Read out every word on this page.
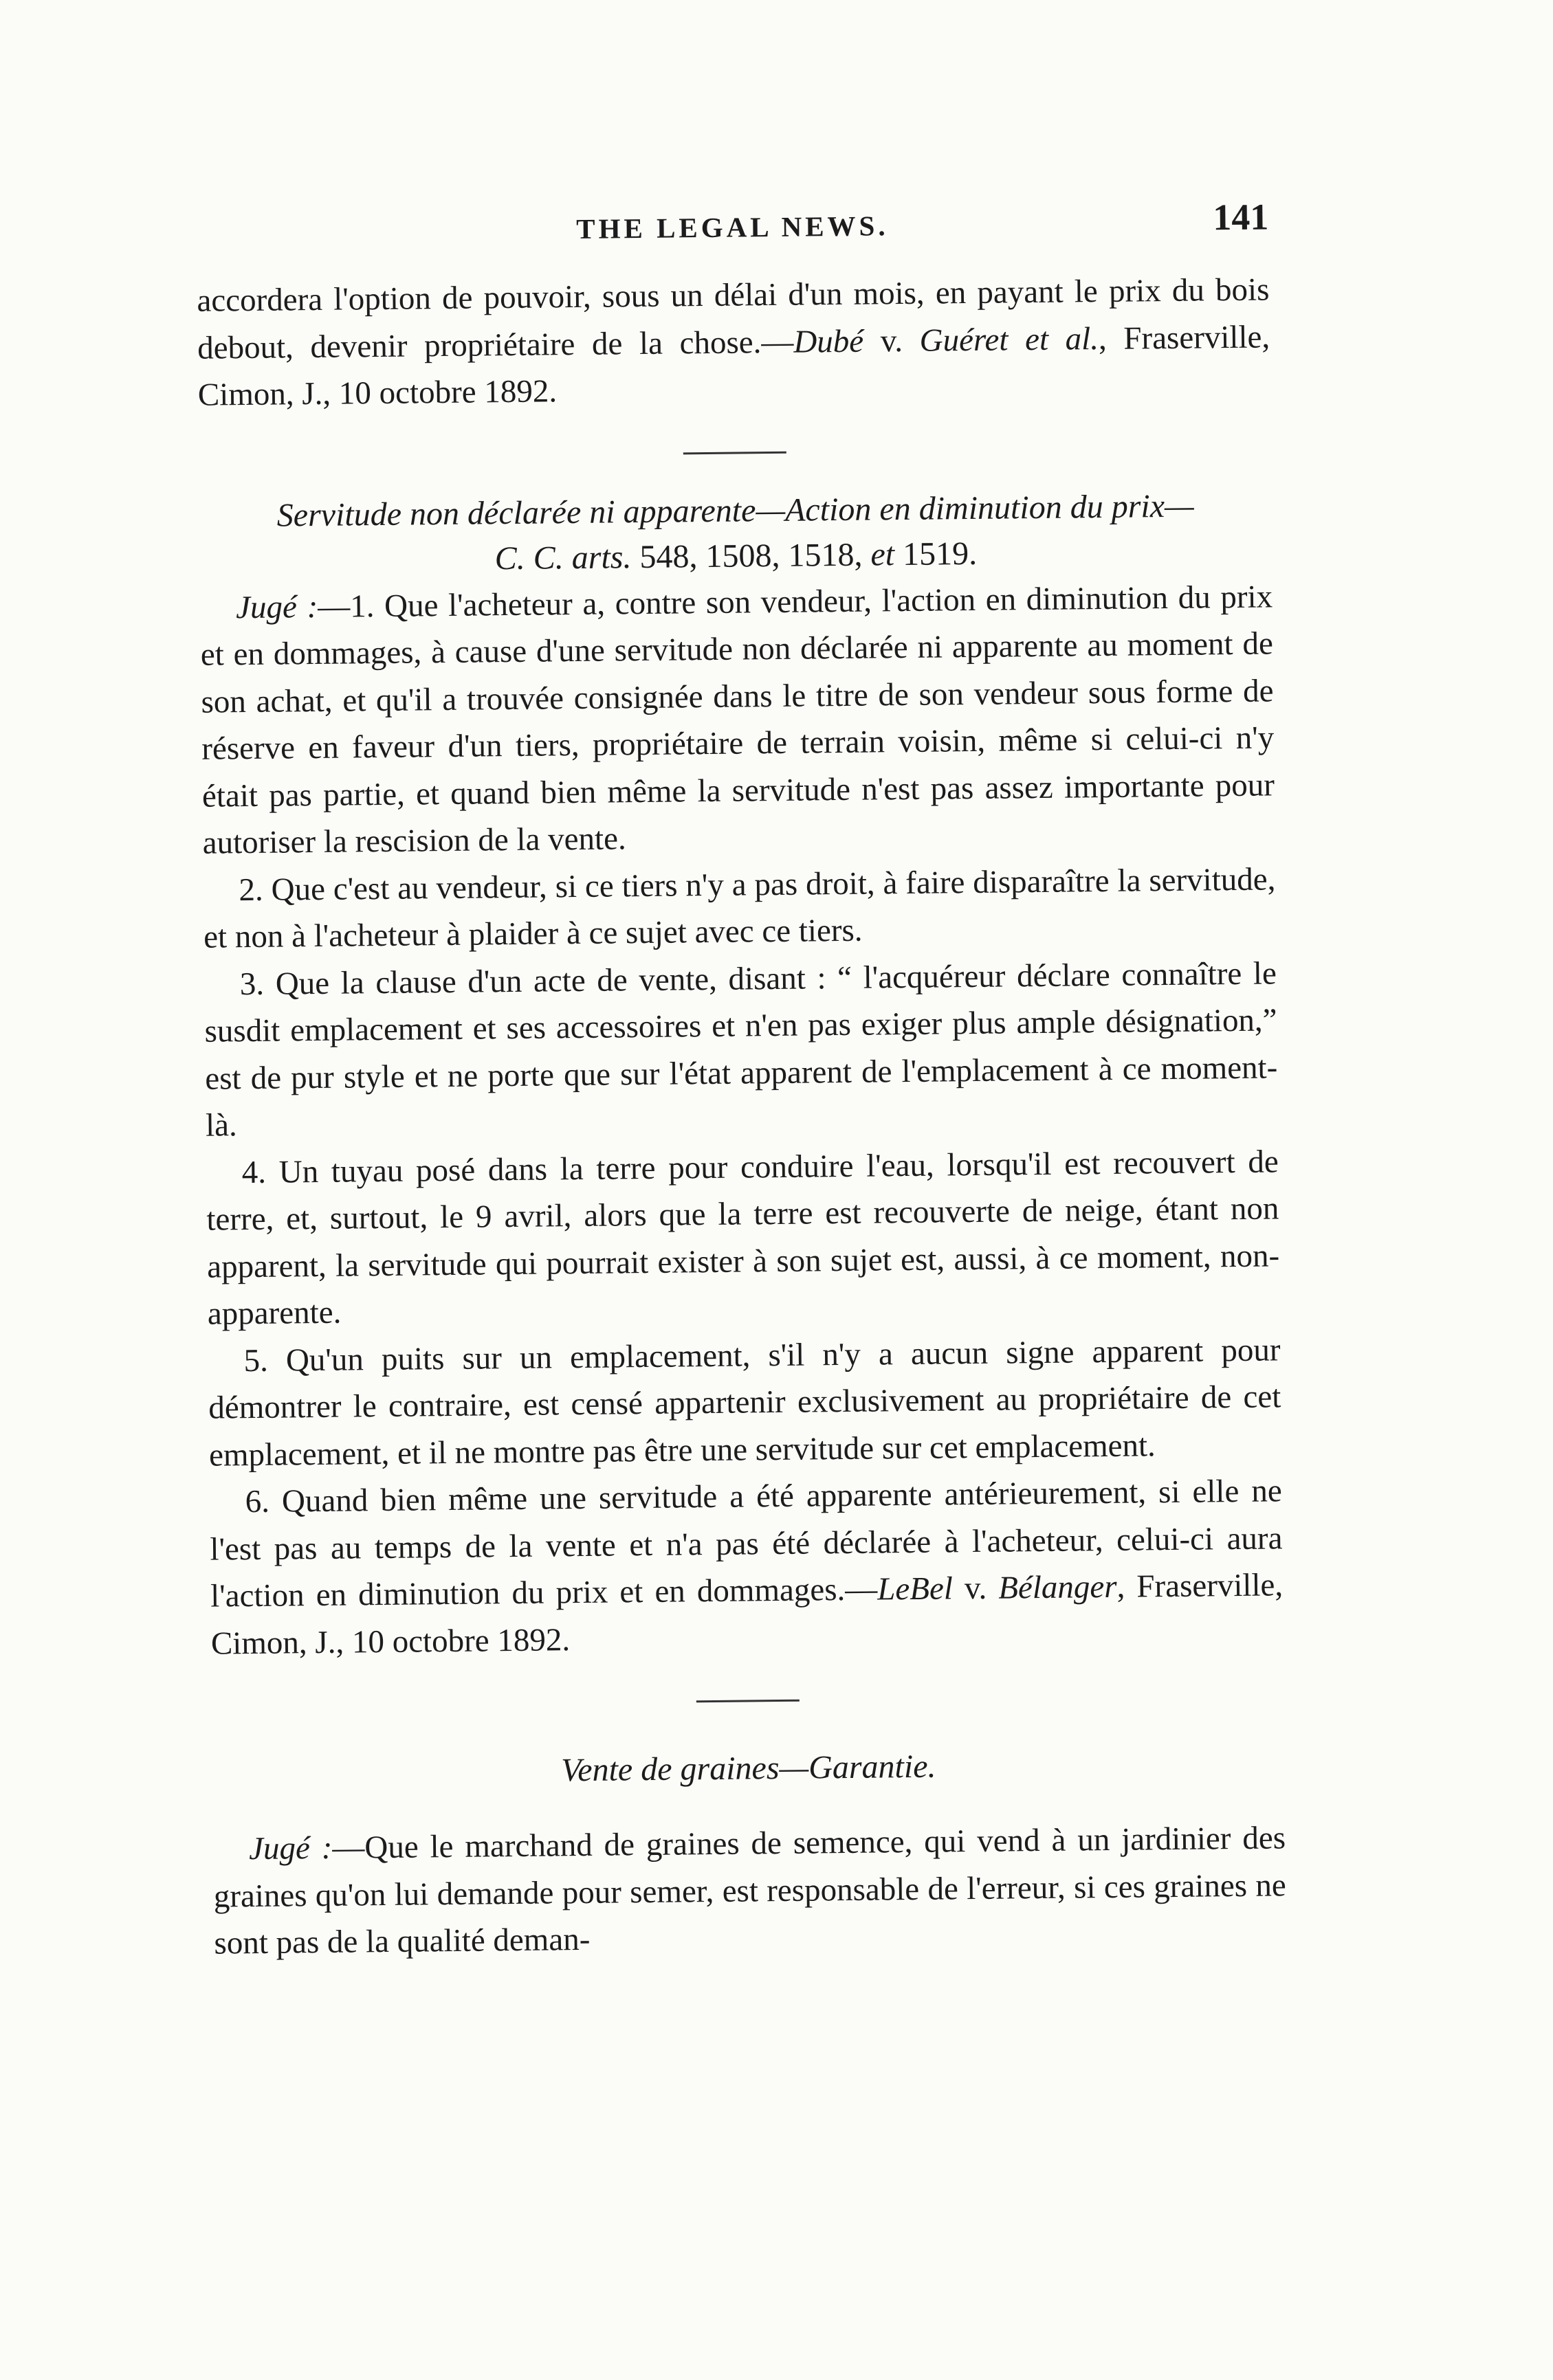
THE LEGAL NEWS.	141

accordera l'option de pouvoir, sous un délai d'un mois, en payant le prix du bois debout, devenir propriétaire de la chose.—Dubé v. Guéret et al., Fraserville, Cimon, J., 10 octobre 1892.

Servitude non déclarée ni apparente—Action en diminution du prix—
C. C. arts. 548, 1508, 1518, et 1519.

Jugé :—1. Que l'acheteur a, contre son vendeur, l'action en diminution du prix et en dommages, à cause d'une servitude non déclarée ni apparente au moment de son achat, et qu'il a trouvée consignée dans le titre de son vendeur sous forme de réserve en faveur d'un tiers, propriétaire de terrain voisin, même si celui-ci n'y était pas partie, et quand bien même la servitude n'est pas assez importante pour autoriser la rescision de la vente.

2. Que c'est au vendeur, si ce tiers n'y a pas droit, à faire disparaître la servitude, et non à l'acheteur à plaider à ce sujet avec ce tiers.

3. Que la clause d'un acte de vente, disant : “ l'acquéreur déclare connaître le susdit emplacement et ses accessoires et n'en pas exiger plus ample désignation,” est de pur style et ne porte que sur l'état apparent de l'emplacement à ce moment-là.

4. Un tuyau posé dans la terre pour conduire l'eau, lorsqu'il est recouvert de terre, et, surtout, le 9 avril, alors que la terre est recouverte de neige, étant non apparent, la servitude qui pourrait exister à son sujet est, aussi, à ce moment, non-apparente.

5. Qu'un puits sur un emplacement, s'il n'y a aucun signe apparent pour démontrer le contraire, est censé appartenir exclusivement au propriétaire de cet emplacement, et il ne montre pas être une servitude sur cet emplacement.

6. Quand bien même une servitude a été apparente antérieurement, si elle ne l'est pas au temps de la vente et n'a pas été déclarée à l'acheteur, celui-ci aura l'action en diminution du prix et en dommages.—LeBel v. Bélanger, Fraserville, Cimon, J., 10 octobre 1892.

Vente de graines—Garantie.

Jugé :—Que le marchand de graines de semence, qui vend à un jardinier des graines qu'on lui demande pour semer, est responsable de l'erreur, si ces graines ne sont pas de la qualité deman-
